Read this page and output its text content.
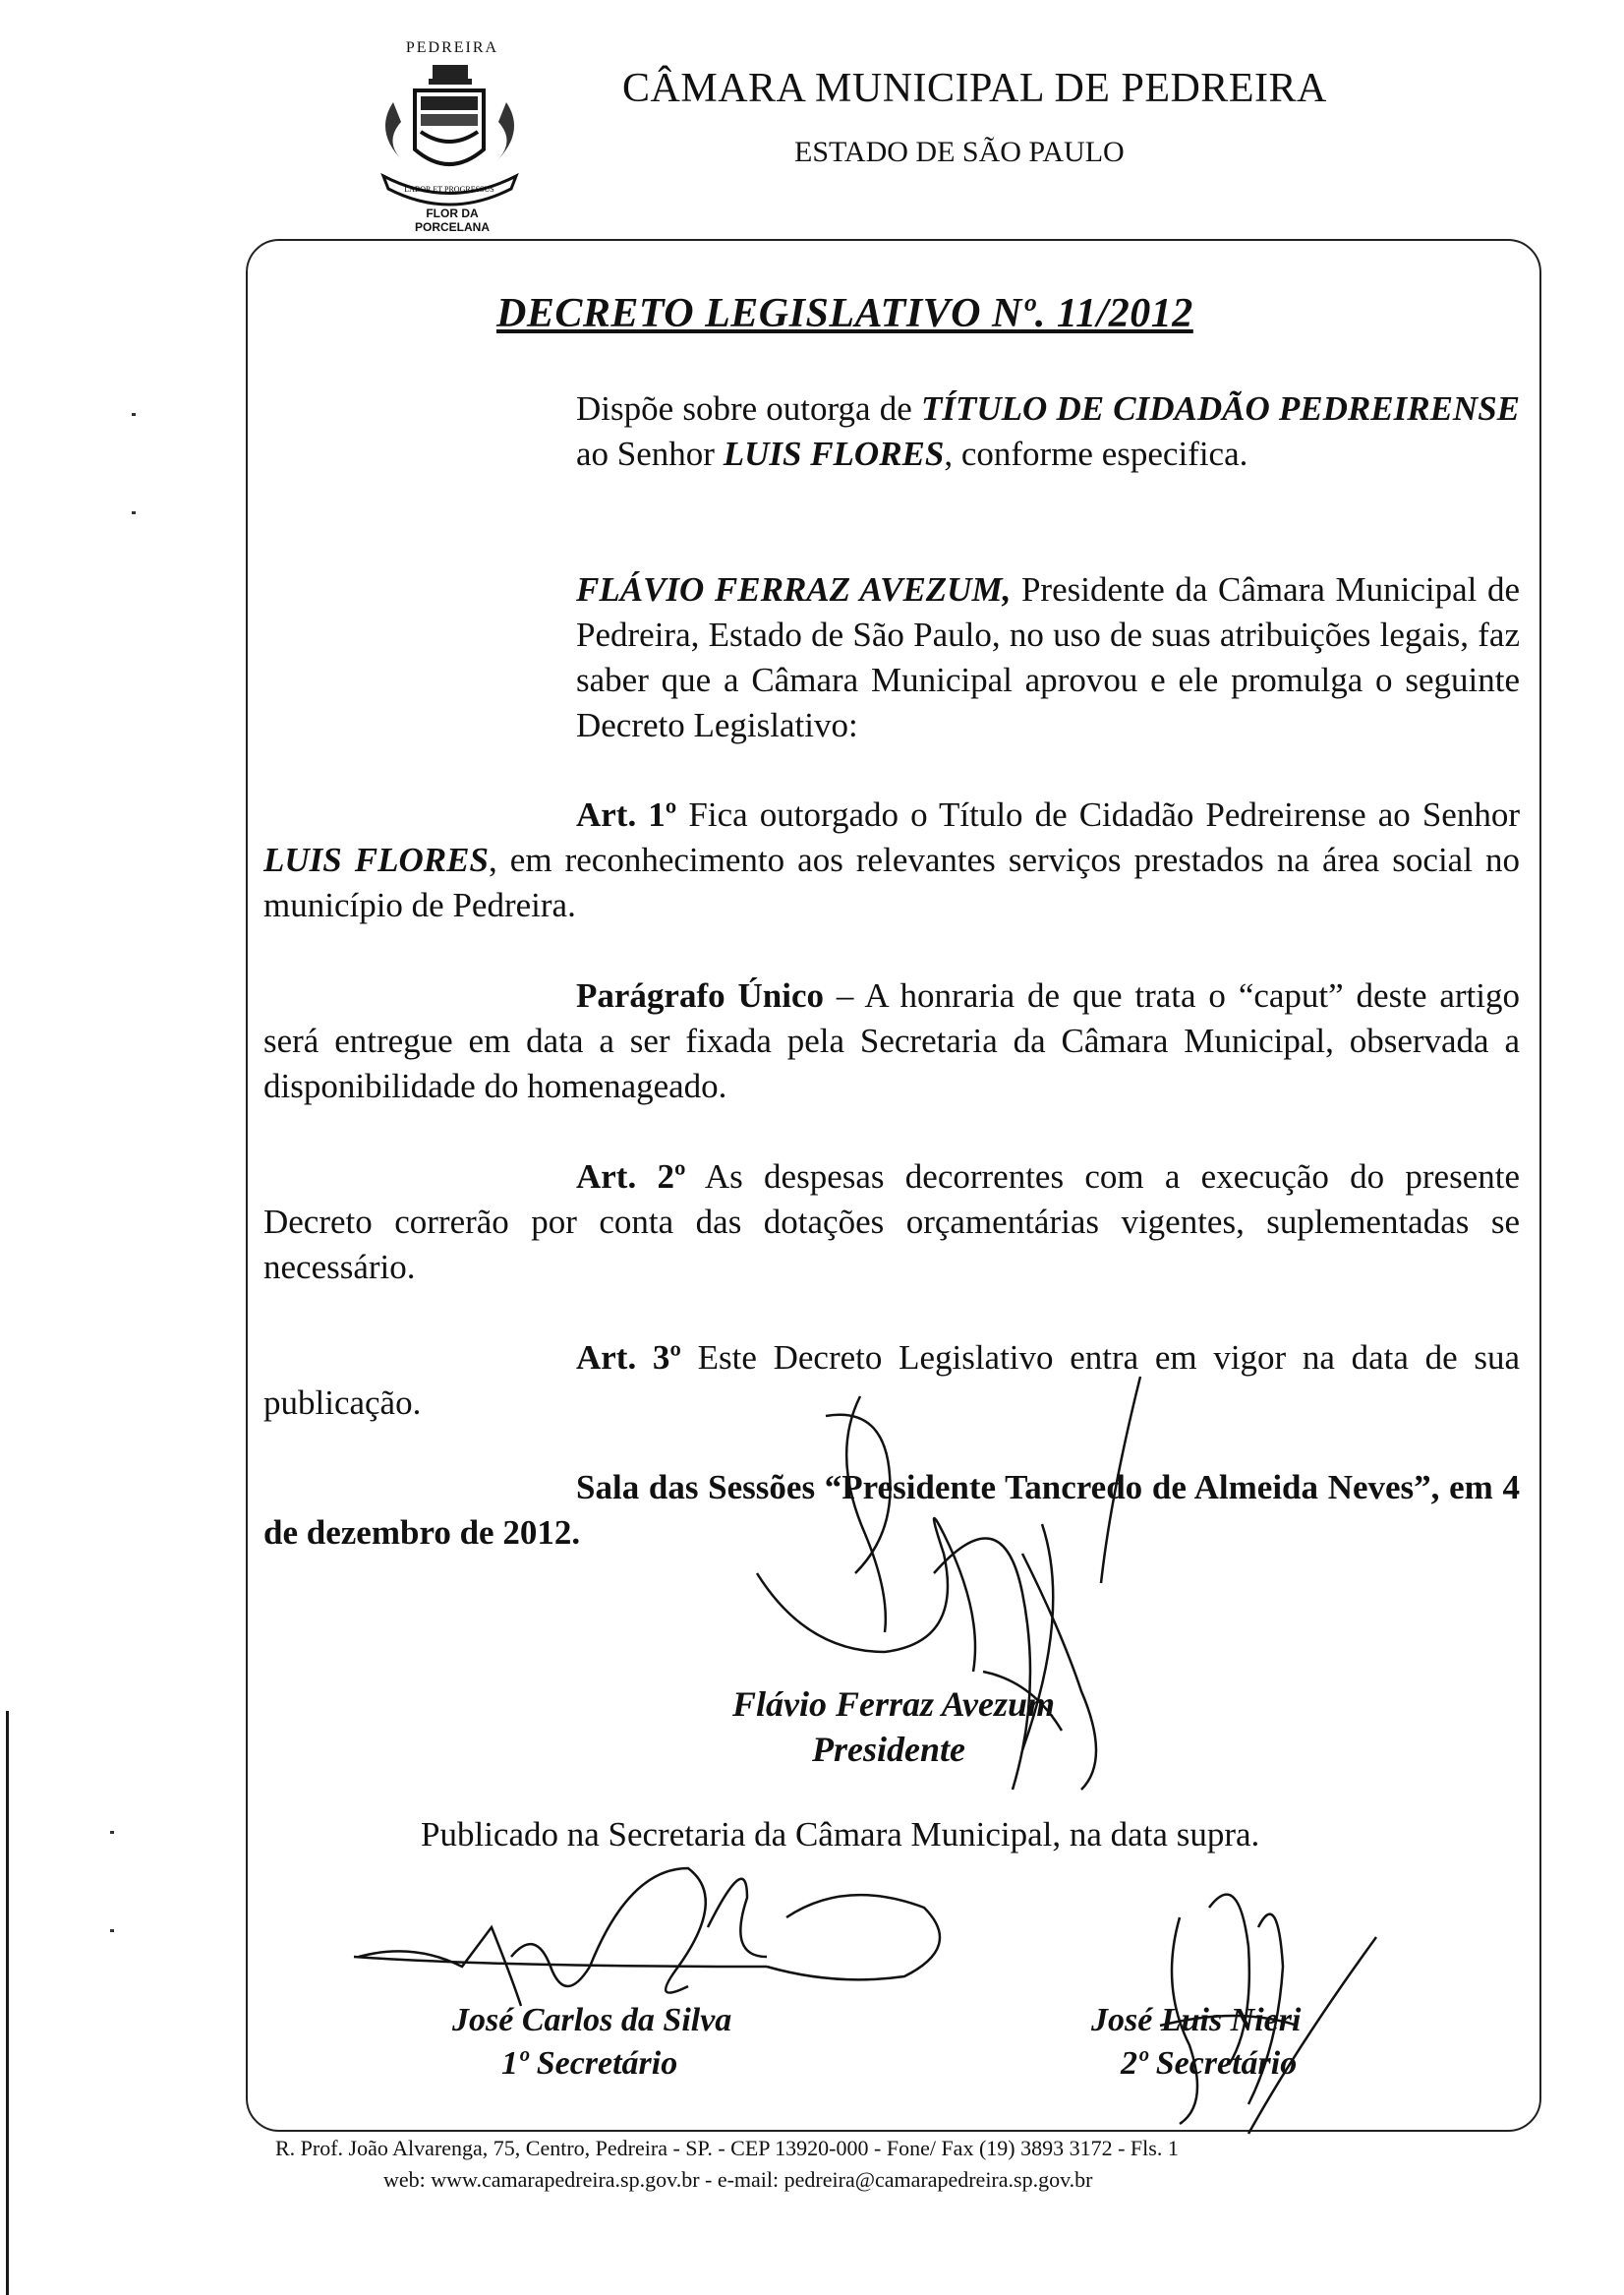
PEDREIRA
LABOR ET PROGRESSUS
FLOR DA
PORCELANA
CÂMARA MUNICIPAL DE PEDREIRA
ESTADO DE SÃO PAULO
DECRETO LEGISLATIVO Nº. 11/2012

Dispõe sobre outorga de TÍTULO DE CIDADÃO PEDREIRENSE ao Senhor LUIS FLORES, conforme especifica.

FLÁVIO FERRAZ AVEZUM, Presidente da Câmara Municipal de Pedreira, Estado de São Paulo, no uso de suas atribuições legais, faz saber que a Câmara Municipal aprovou e ele promulga o seguinte Decreto Legislativo:

Art. 1º Fica outorgado o Título de Cidadão Pedreirense ao Senhor LUIS FLORES, em reconhecimento aos relevantes serviços prestados na área social no município de Pedreira.

Parágrafo Único – A honraria de que trata o “caput” deste artigo será entregue em data a ser fixada pela Secretaria da Câmara Municipal, observada a disponibilidade do homenageado.

Art. 2º As despesas decorrentes com a execução do presente Decreto correrão por conta das dotações orçamentárias vigentes, suplementadas se necessário.

Art. 3º Este Decreto Legislativo entra em vigor na data de sua publicação.

Sala das Sessões “Presidente Tancredo de Almeida Neves”, em 4 de dezembro de 2012.

Flávio Ferraz Avezum
Presidente
Publicado na Secretaria da Câmara Municipal, na data supra.
José Carlos da Silva
1º Secretário
José Luis Nieri
2º Secretário
R. Prof. João Alvarenga, 75, Centro, Pedreira - SP. - CEP 13920-000 - Fone/ Fax (19) 3893 3172 - Fls. 1
web: www.camarapedreira.sp.gov.br - e-mail: pedreira@camarapedreira.sp.gov.br
